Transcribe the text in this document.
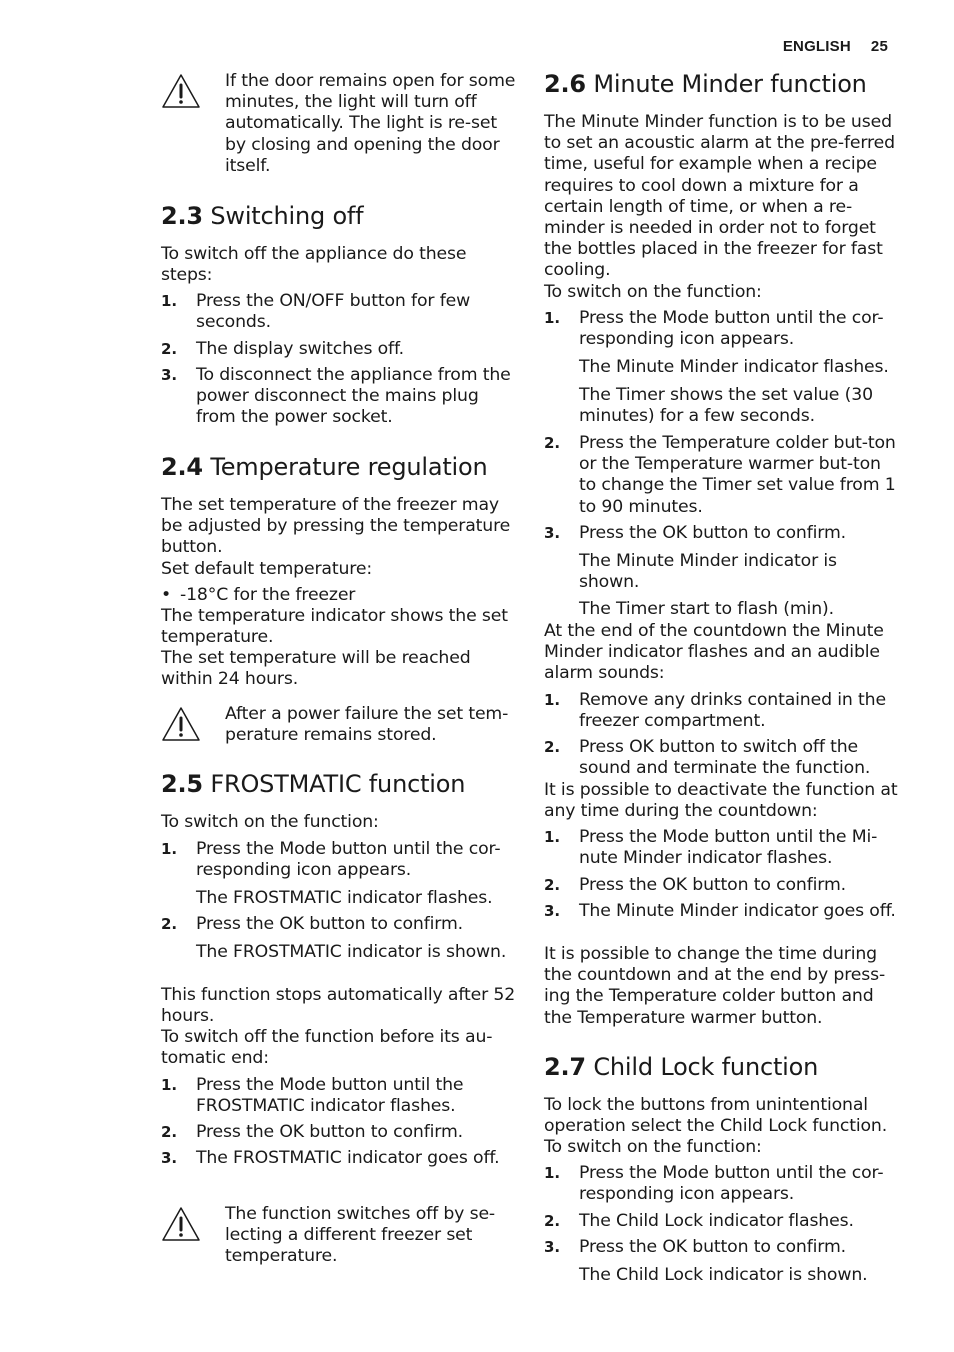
ENGLISH 25
If the door remains open for some minutes, the light will turn off automatically. The light is re-set by closing and opening the door itself.
2.3 Switching off
To switch off the appliance do these steps:
1. Press the ON/OFF button for few seconds.
2. The display switches off.
3. To disconnect the appliance from the power disconnect the mains plug from the power socket.
2.4 Temperature regulation
The set temperature of the freezer may be adjusted by pressing the temperature button.
Set default temperature:
• -18°C for the freezer
The temperature indicator shows the set temperature.
The set temperature will be reached within 24 hours.
After a power failure the set tem-perature remains stored.
2.5 FROSTMATIC function
To switch on the function:
1. Press the Mode button until the cor-responding icon appears.
The FROSTMATIC indicator flashes.
2. Press the OK button to confirm.
The FROSTMATIC indicator is shown.
This function stops automatically after 52 hours.
To switch off the function before its au-tomatic end:
1. Press the Mode button until the FROSTMATIC indicator flashes.
2. Press the OK button to confirm.
3. The FROSTMATIC indicator goes off.
The function switches off by se-lecting a different freezer set temperature.
2.6 Minute Minder function
The Minute Minder function is to be used to set an acoustic alarm at the pre-ferred time, useful for example when a recipe requires to cool down a mixture for a certain length of time, or when a re-minder is needed in order not to forget the bottles placed in the freezer for fast cooling.
To switch on the function:
1. Press the Mode button until the cor-responding icon appears.
The Minute Minder indicator flashes.
The Timer shows the set value (30 minutes) for a few seconds.
2. Press the Temperature colder but-ton or the Temperature warmer but-ton to change the Timer set value from 1 to 90 minutes.
3. Press the OK button to confirm.
The Minute Minder indicator is shown.
The Timer start to flash (min).
At the end of the countdown the Minute Minder indicator flashes and an audible alarm sounds:
1. Remove any drinks contained in the freezer compartment.
2. Press OK button to switch off the sound and terminate the function.
It is possible to deactivate the function at any time during the countdown:
1. Press the Mode button until the Mi-nute Minder indicator flashes.
2. Press the OK button to confirm.
3. The Minute Minder indicator goes off.
It is possible to change the time during the countdown and at the end by press-ing the Temperature colder button and the Temperature warmer button.
2.7 Child Lock function
To lock the buttons from unintentional operation select the Child Lock function.
To switch on the function:
1. Press the Mode button until the cor-responding icon appears.
2. The Child Lock indicator flashes.
3. Press the OK button to confirm.
The Child Lock indicator is shown.
